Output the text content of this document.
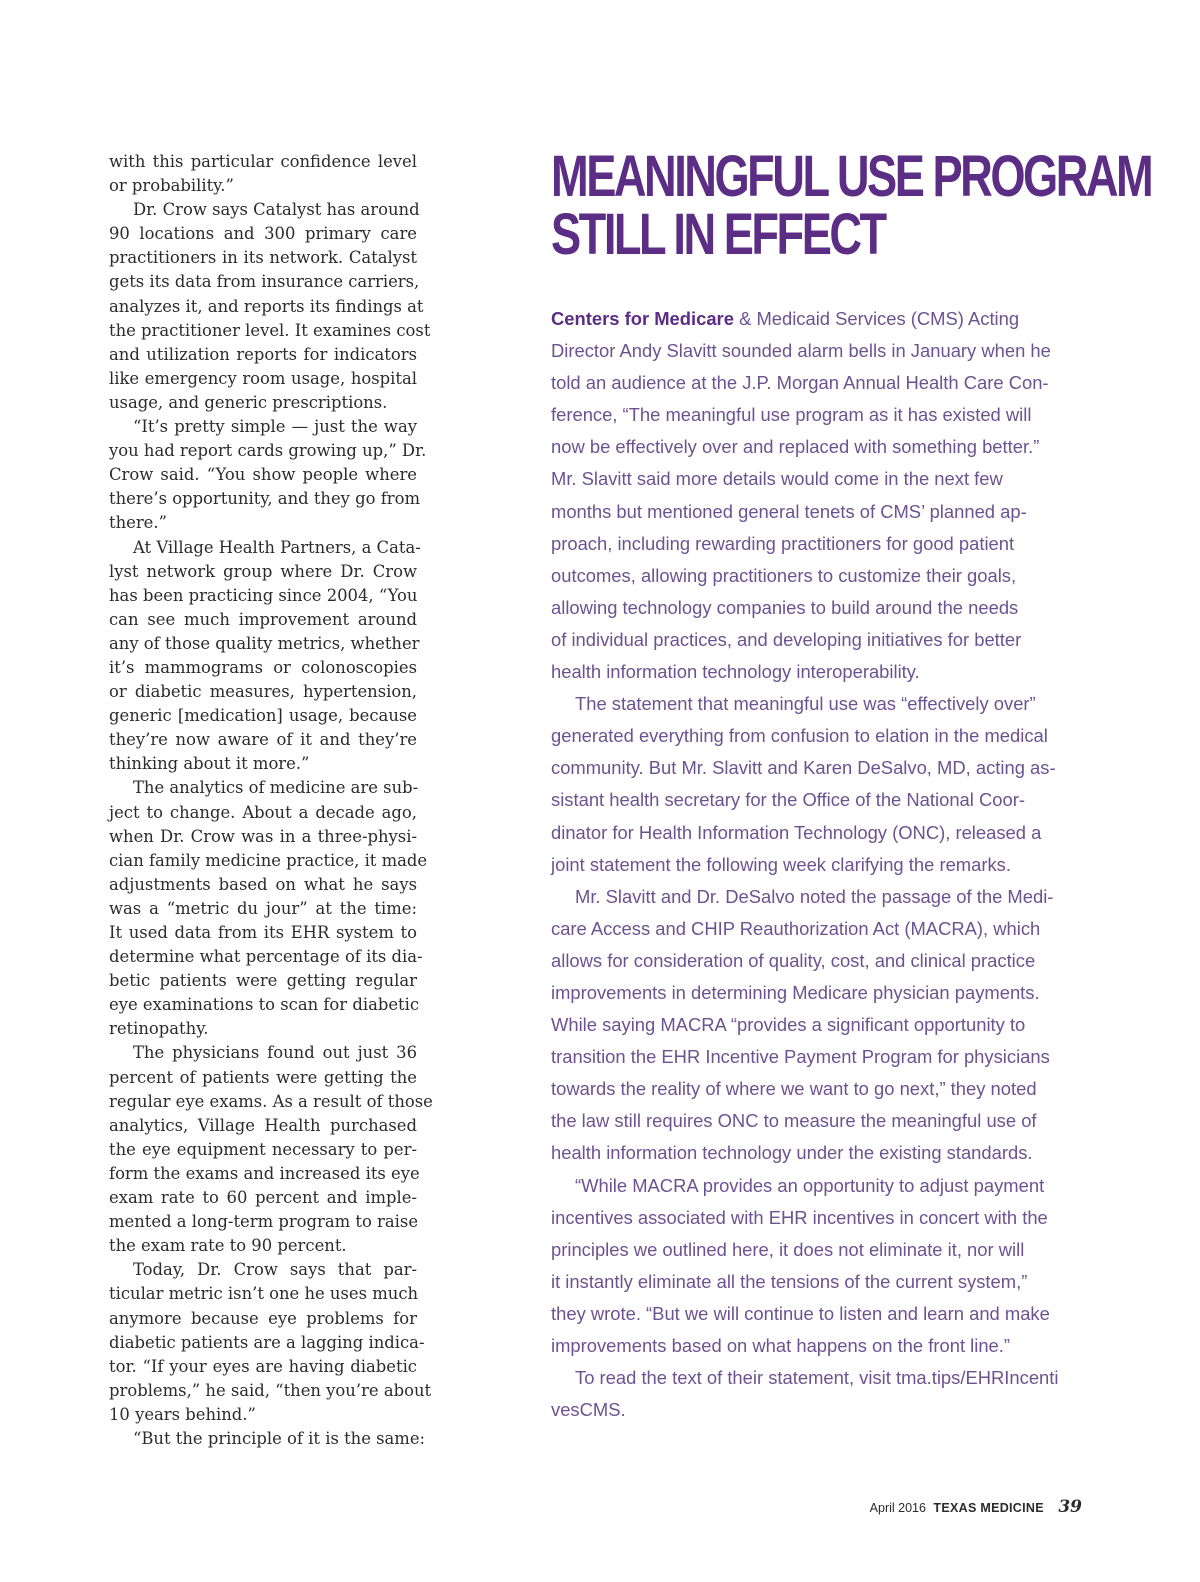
with this particular confidence level
or probability.”
Dr. Crow says Catalyst has around
90 locations and 300 primary care
practitioners in its network. Catalyst
gets its data from insurance carriers,
analyzes it, and reports its findings at
the practitioner level. It examines cost
and utilization reports for indicators
like emergency room usage, hospital
usage, and generic prescriptions.
“It’s pretty simple — just the way
you had report cards growing up,” Dr.
Crow said. “You show people where
there’s opportunity, and they go from
there.”
At Village Health Partners, a Cata-
lyst network group where Dr. Crow
has been practicing since 2004, “You
can see much improvement around
any of those quality metrics, whether
it’s mammograms or colonoscopies
or diabetic measures, hypertension,
generic [medication] usage, because
they’re now aware of it and they’re
thinking about it more.”
The analytics of medicine are sub-
ject to change. About a decade ago,
when Dr. Crow was in a three-physi-
cian family medicine practice, it made
adjustments based on what he says
was a “metric du jour” at the time:
It used data from its EHR system to
determine what percentage of its dia-
betic patients were getting regular
eye examinations to scan for diabetic
retinopathy.
The physicians found out just 36
percent of patients were getting the
regular eye exams. As a result of those
analytics, Village Health purchased
the eye equipment necessary to per-
form the exams and increased its eye
exam rate to 60 percent and imple-
mented a long-term program to raise
the exam rate to 90 percent.
Today, Dr. Crow says that par-
ticular metric isn’t one he uses much
anymore because eye problems for
diabetic patients are a lagging indica-
tor. “If your eyes are having diabetic
problems,” he said, “then you’re about
10 years behind.”
“But the principle of it is the same:
MEANINGFUL USE PROGRAM
STILL IN EFFECT
Centers for Medicare & Medicaid Services (CMS) Acting
Director Andy Slavitt sounded alarm bells in January when he
told an audience at the J.P. Morgan Annual Health Care Con-
ference, “The meaningful use program as it has existed will
now be effectively over and replaced with something better.”
Mr. Slavitt said more details would come in the next few
months but mentioned general tenets of CMS’ planned ap-
proach, including rewarding practitioners for good patient
outcomes, allowing practitioners to customize their goals,
allowing technology companies to build around the needs
of individual practices, and developing initiatives for better
health information technology interoperability.
The statement that meaningful use was “effectively over”
generated everything from confusion to elation in the medical
community. But Mr. Slavitt and Karen DeSalvo, MD, acting as-
sistant health secretary for the Office of the National Coor-
dinator for Health Information Technology (ONC), released a
joint statement the following week clarifying the remarks.
Mr. Slavitt and Dr. DeSalvo noted the passage of the Medi-
care Access and CHIP Reauthorization Act (MACRA), which
allows for consideration of quality, cost, and clinical practice
improvements in determining Medicare physician payments.
While saying MACRA “provides a significant opportunity to
transition the EHR Incentive Payment Program for physicians
towards the reality of where we want to go next,” they noted
the law still requires ONC to measure the meaningful use of
health information technology under the existing standards.
“While MACRA provides an opportunity to adjust payment
incentives associated with EHR incentives in concert with the
principles we outlined here, it does not eliminate it, nor will
it instantly eliminate all the tensions of the current system,”
they wrote. “But we will continue to listen and learn and make
improvements based on what happens on the front line.”
To read the text of their statement, visit tma.tips/EHRIncenti
vesCMS.
April 2016 TEXAS MEDICINE 39
